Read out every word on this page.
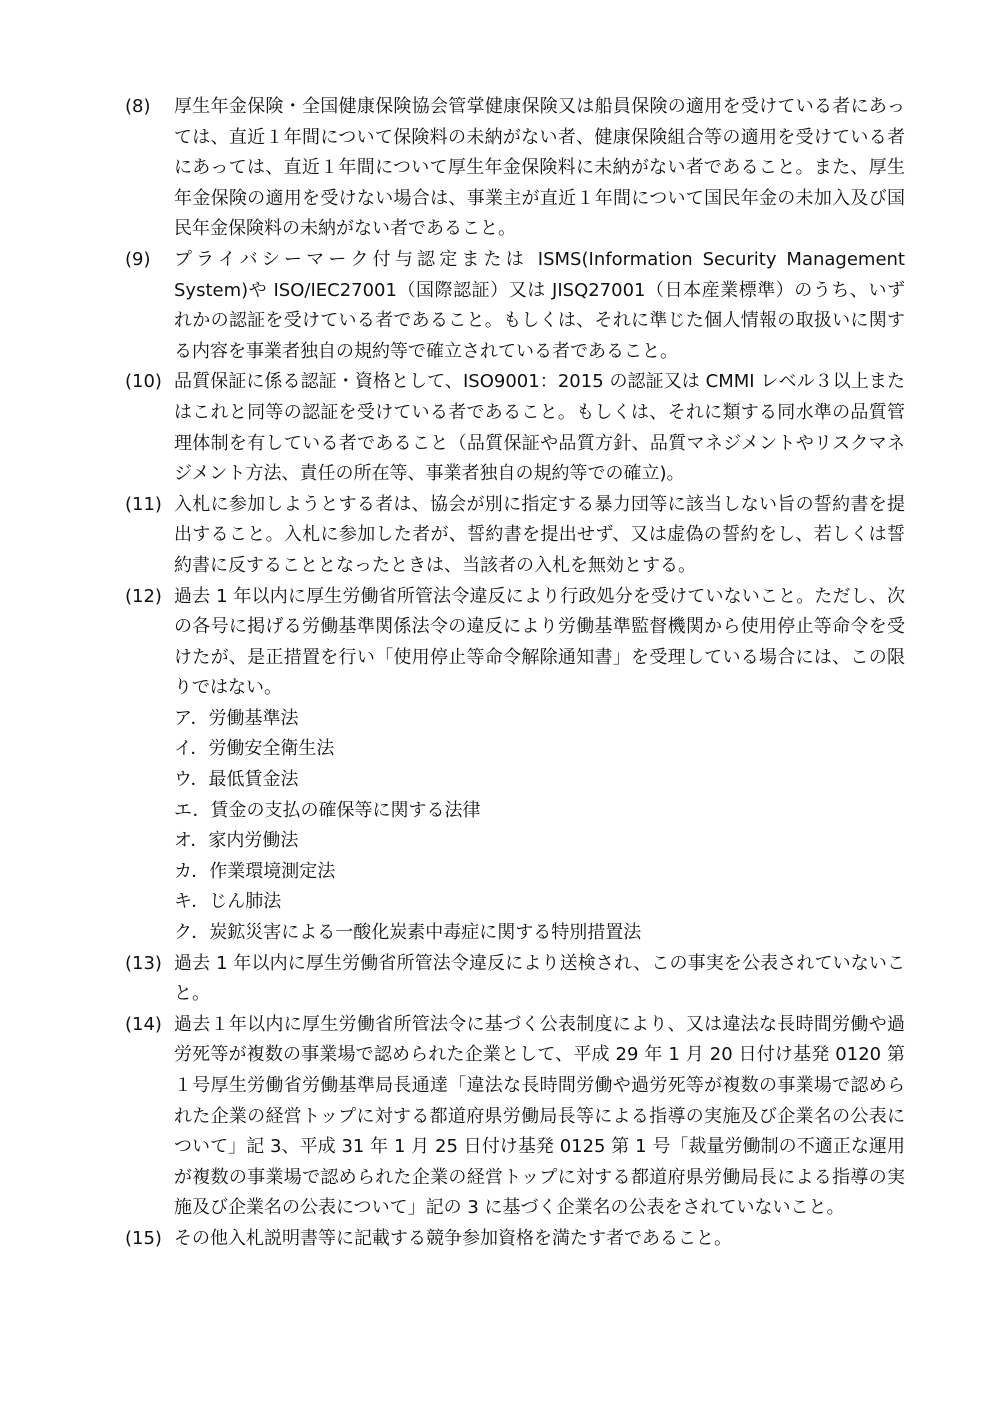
(8) 厚生年金保険・全国健康保険協会管掌健康保険又は船員保険の適用を受けている者にあっては、直近１年間について保険料の未納がない者、健康保険組合等の適用を受けている者にあっては、直近１年間について厚生年金保険料に未納がない者であること。また、厚生年金保険の適用を受けない場合は、事業主が直近１年間について国民年金の未加入及び国民年金保険料の未納がない者であること。
(9) プライバシーマーク付与認定または ISMS(Information Security Management System)や ISO/IEC27001（国際認証）又は JISQ27001（日本産業標準）のうち、いずれかの認証を受けている者であること。もしくは、それに準じた個人情報の取扱いに関する内容を事業者独自の規約等で確立されている者であること。
(10) 品質保証に係る認証・資格として、ISO9001：2015 の認証又は CMMI レベル３以上またはこれと同等の認証を受けている者であること。もしくは、それに類する同水準の品質管理体制を有している者であること（品質保証や品質方針、品質マネジメントやリスクマネジメント方法、責任の所在等、事業者独自の規約等での確立)。
(11) 入札に参加しようとする者は、協会が別に指定する暴力団等に該当しない旨の誓約書を提出すること。入札に参加した者が、誓約書を提出せず、又は虚偽の誓約をし、若しくは誓約書に反することとなったときは、当該者の入札を無効とする。
(12) 過去 1 年以内に厚生労働省所管法令違反により行政処分を受けていないこと。ただし、次の各号に掲げる労働基準関係法令の違反により労働基準監督機関から使用停止等命令を受けたが、是正措置を行い「使用停止等命令解除通知書」を受理している場合には、この限りではない。
ア．労働基準法
イ．労働安全衛生法
ウ．最低賃金法
エ．賃金の支払の確保等に関する法律
オ．家内労働法
カ．作業環境測定法
キ．じん肺法
ク．炭鉱災害による一酸化炭素中毒症に関する特別措置法
(13) 過去 1 年以内に厚生労働省所管法令違反により送検され、この事実を公表されていないこと。
(14) 過去１年以内に厚生労働省所管法令に基づく公表制度により、又は違法な長時間労働や過労死等が複数の事業場で認められた企業として、平成 29 年 1 月 20 日付け基発 0120 第１号厚生労働省労働基準局長通達「違法な長時間労働や過労死等が複数の事業場で認められた企業の経営トップに対する都道府県労働局長等による指導の実施及び企業名の公表について」記 3、平成 31 年 1 月 25 日付け基発 0125 第 1 号「裁量労働制の不適正な運用が複数の事業場で認められた企業の経営トップに対する都道府県労働局長による指導の実施及び企業名の公表について」記の 3 に基づく企業名の公表をされていないこと。
(15) その他入札説明書等に記載する競争参加資格を満たす者であること。
